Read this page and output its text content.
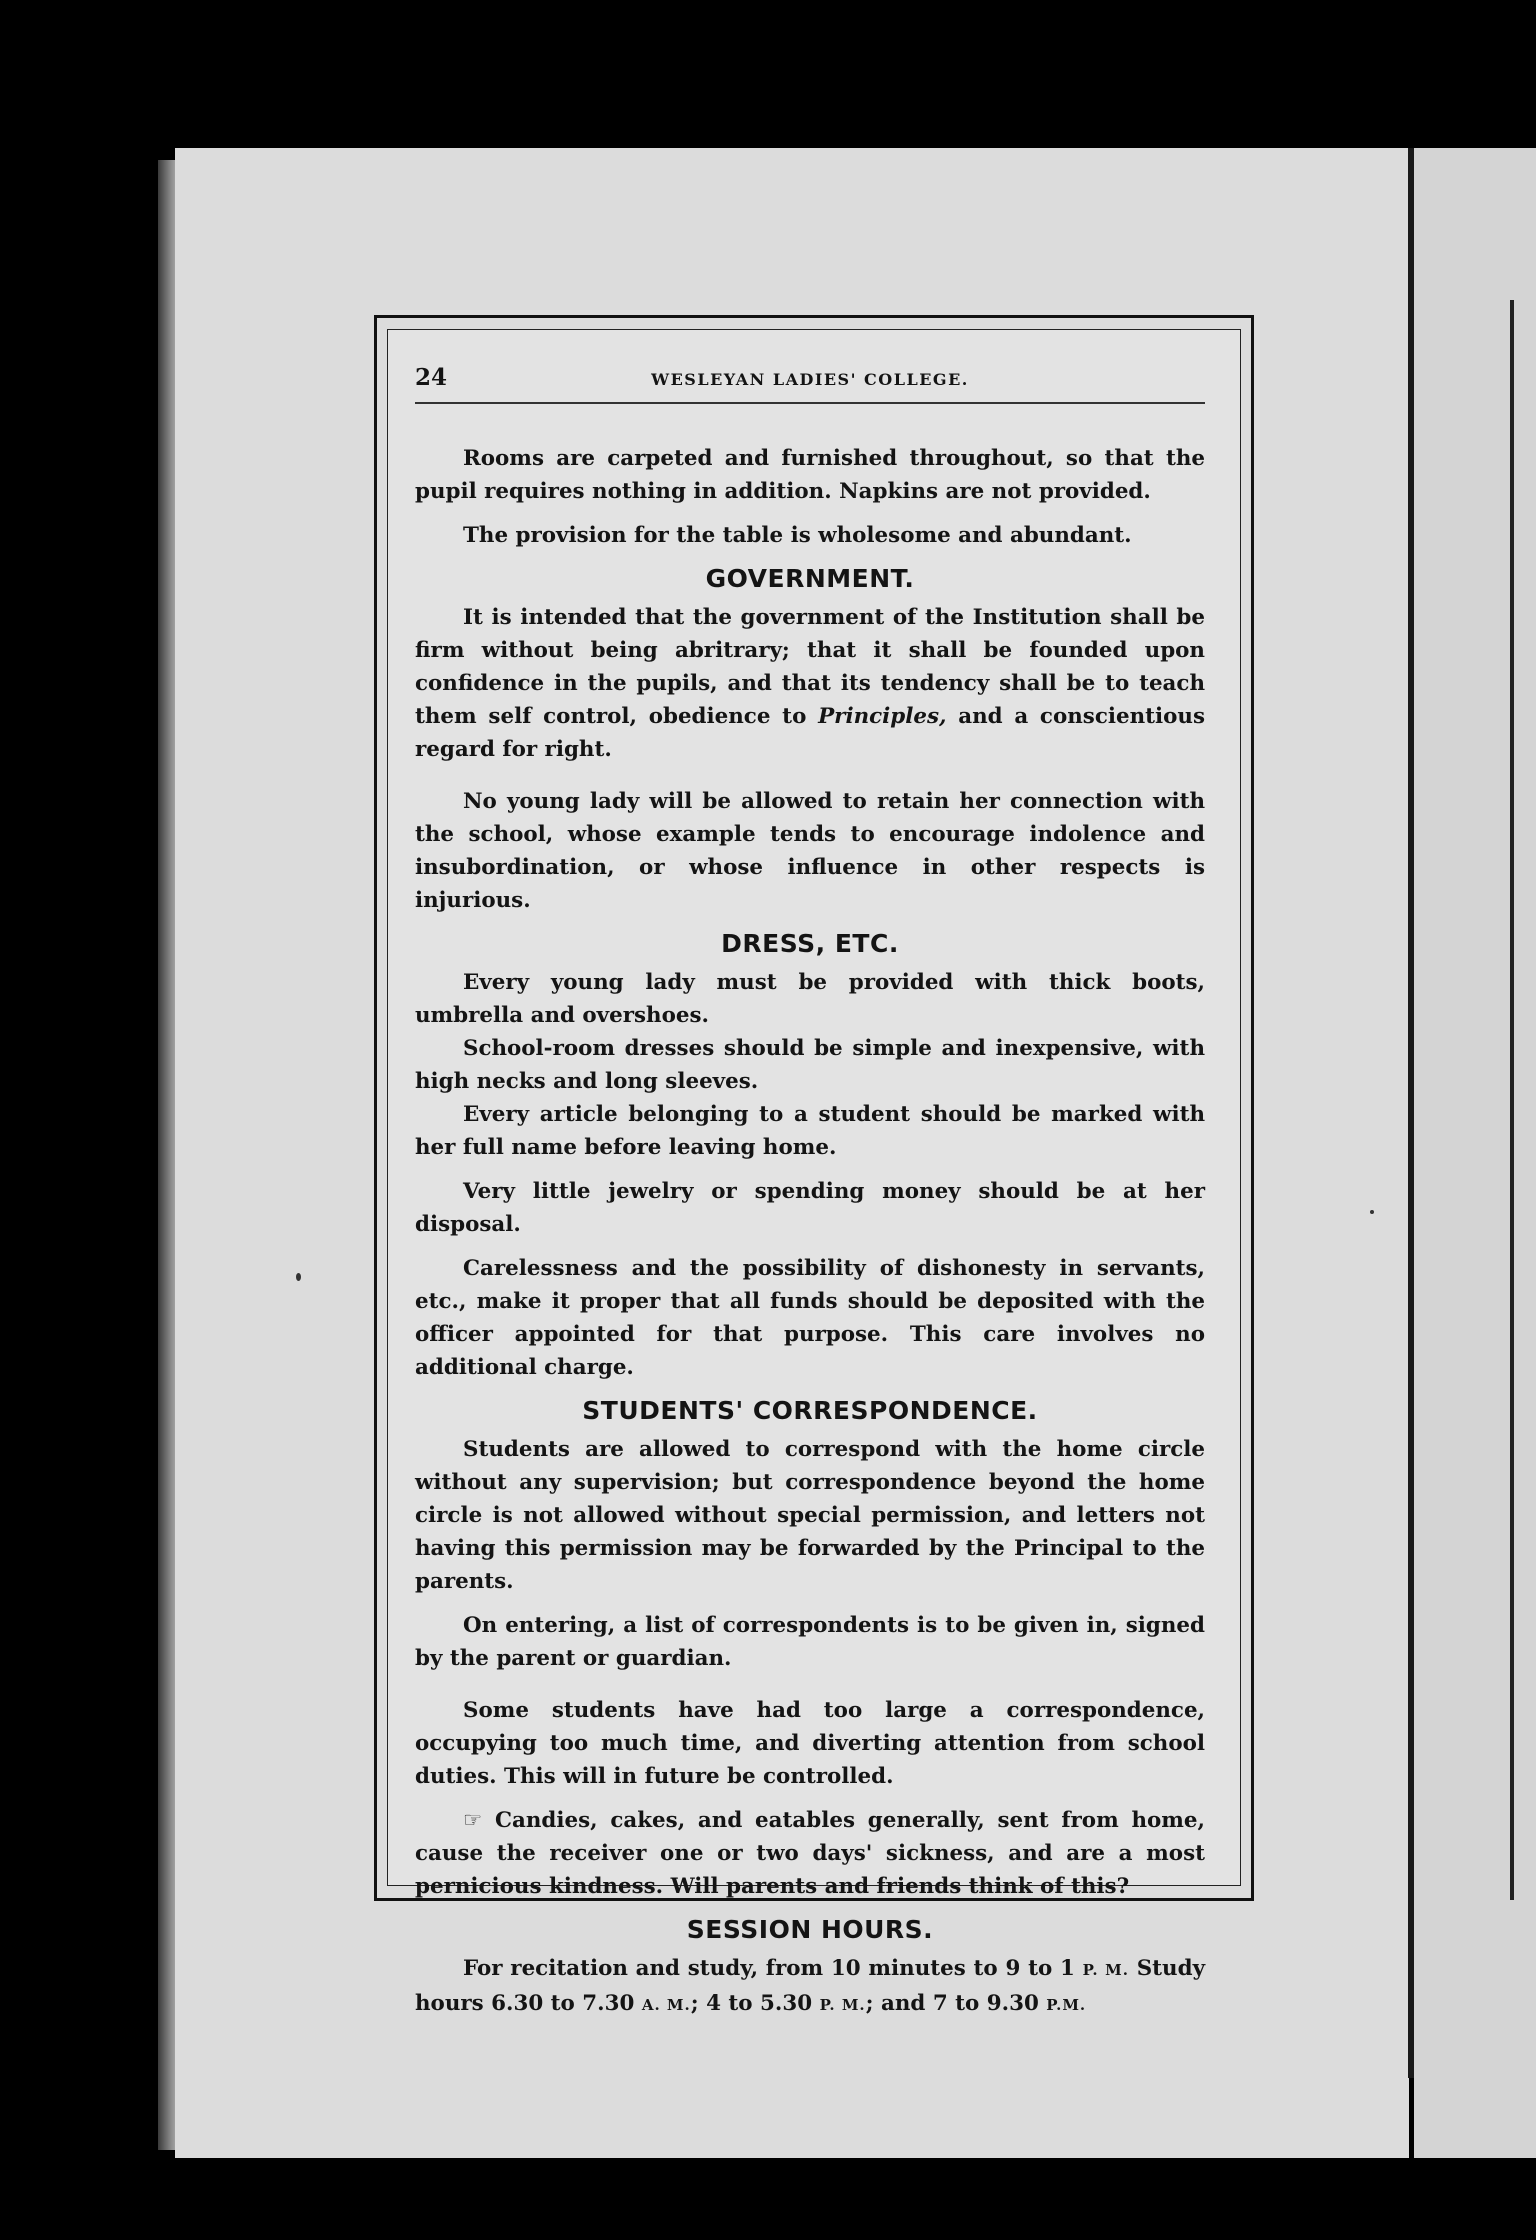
24	WESLEYAN LADIES' COLLEGE.

Rooms are carpeted and furnished throughout, so that the pupil requires nothing in addition. Napkins are not provided.

The provision for the table is wholesome and abundant.

GOVERNMENT.

It is intended that the government of the Institution shall be firm without being abritrary; that it shall be founded upon confidence in the pupils, and that its tendency shall be to teach them self control, obedience to Principles, and a conscientious regard for right.

No young lady will be allowed to retain her connection with the school, whose example tends to encourage indolence and insubordination, or whose influence in other respects is injurious.

DRESS, ETC.

Every young lady must be provided with thick boots, umbrella and overshoes.

School-room dresses should be simple and inexpensive, with high necks and long sleeves.

Every article belonging to a student should be marked with her full name before leaving home.

Very little jewelry or spending money should be at her disposal.

Carelessness and the possibility of dishonesty in servants, etc., make it proper that all funds should be deposited with the officer appointed for that purpose. This care involves no additional charge.

STUDENTS' CORRESPONDENCE.

Students are allowed to correspond with the home circle without any supervision; but correspondence beyond the home circle is not allowed without special permission, and letters not having this permission may be forwarded by the Principal to the parents.

On entering, a list of correspondents is to be given in, signed by the parent or guardian.

Some students have had too large a correspondence, occupying too much time, and diverting attention from school duties. This will in future be controlled.

☞ Candies, cakes, and eatables generally, sent from home, cause the receiver one or two days' sickness, and are a most pernicious kindness. Will parents and friends think of this?

SESSION HOURS.

For recitation and study, from 10 minutes to 9 to 1 P. M. Study hours 6.30 to 7.30 A. M.; 4 to 5.30 P. M.; and 7 to 9.30 P.M.
